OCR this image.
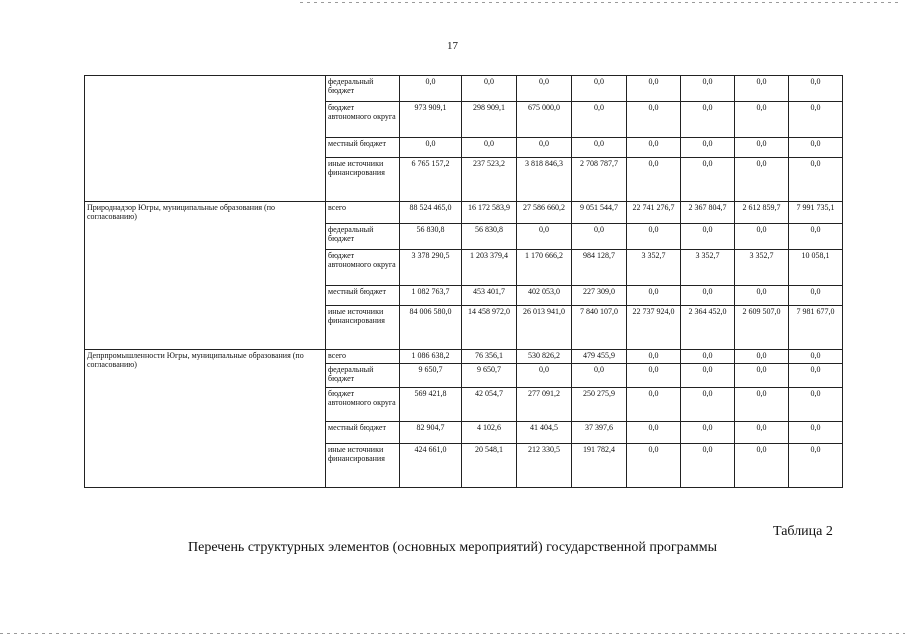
17
	федеральный бюджет	0,0	0,0	0,0	0,0	0,0	0,0	0,0	0,0
	бюджет автономного округа	973 909,1	298 909,1	675 000,0	0,0	0,0	0,0	0,0	0,0
	местный бюджет	0,0	0,0	0,0	0,0	0,0	0,0	0,0	0,0
	иные источники финансирования	6 765 157,2	237 523,2	3 818 846,3	2 708 787,7	0,0	0,0	0,0	0,0
Природнадзор Югры, муниципальные образования (по согласованию)	всего	88 524 465,0	16 172 583,9	27 586 660,2	9 051 544,7	22 741 276,7	2 367 804,7	2 612 859,7	7 991 735,1
	федеральный бюджет	56 830,8	56 830,8	0,0	0,0	0,0	0,0	0,0	0,0
	бюджет автономного округа	3 378 290,5	1 203 379,4	1 170 666,2	984 128,7	3 352,7	3 352,7	3 352,7	10 058,1
	местный бюджет	1 082 763,7	453 401,7	402 053,0	227 309,0	0,0	0,0	0,0	0,0
	иные источники финансирования	84 006 580,0	14 458 972,0	26 013 941,0	7 840 107,0	22 737 924,0	2 364 452,0	2 609 507,0	7 981 677,0
Депрпромышленности Югры, муниципальные образования (по согласованию)	всего	1 086 638,2	76 356,1	530 826,2	479 455,9	0,0	0,0	0,0	0,0
	федеральный бюджет	9 650,7	9 650,7	0,0	0,0	0,0	0,0	0,0	0,0
	бюджет автономного округа	569 421,8	42 054,7	277 091,2	250 275,9	0,0	0,0	0,0	0,0
	местный бюджет	82 904,7	4 102,6	41 404,5	37 397,6	0,0	0,0	0,0	0,0
	иные источники финансирования	424 661,0	20 548,1	212 330,5	191 782,4	0,0	0,0	0,0	0,0
Таблица 2
Перечень структурных элементов (основных мероприятий) государственной программы
